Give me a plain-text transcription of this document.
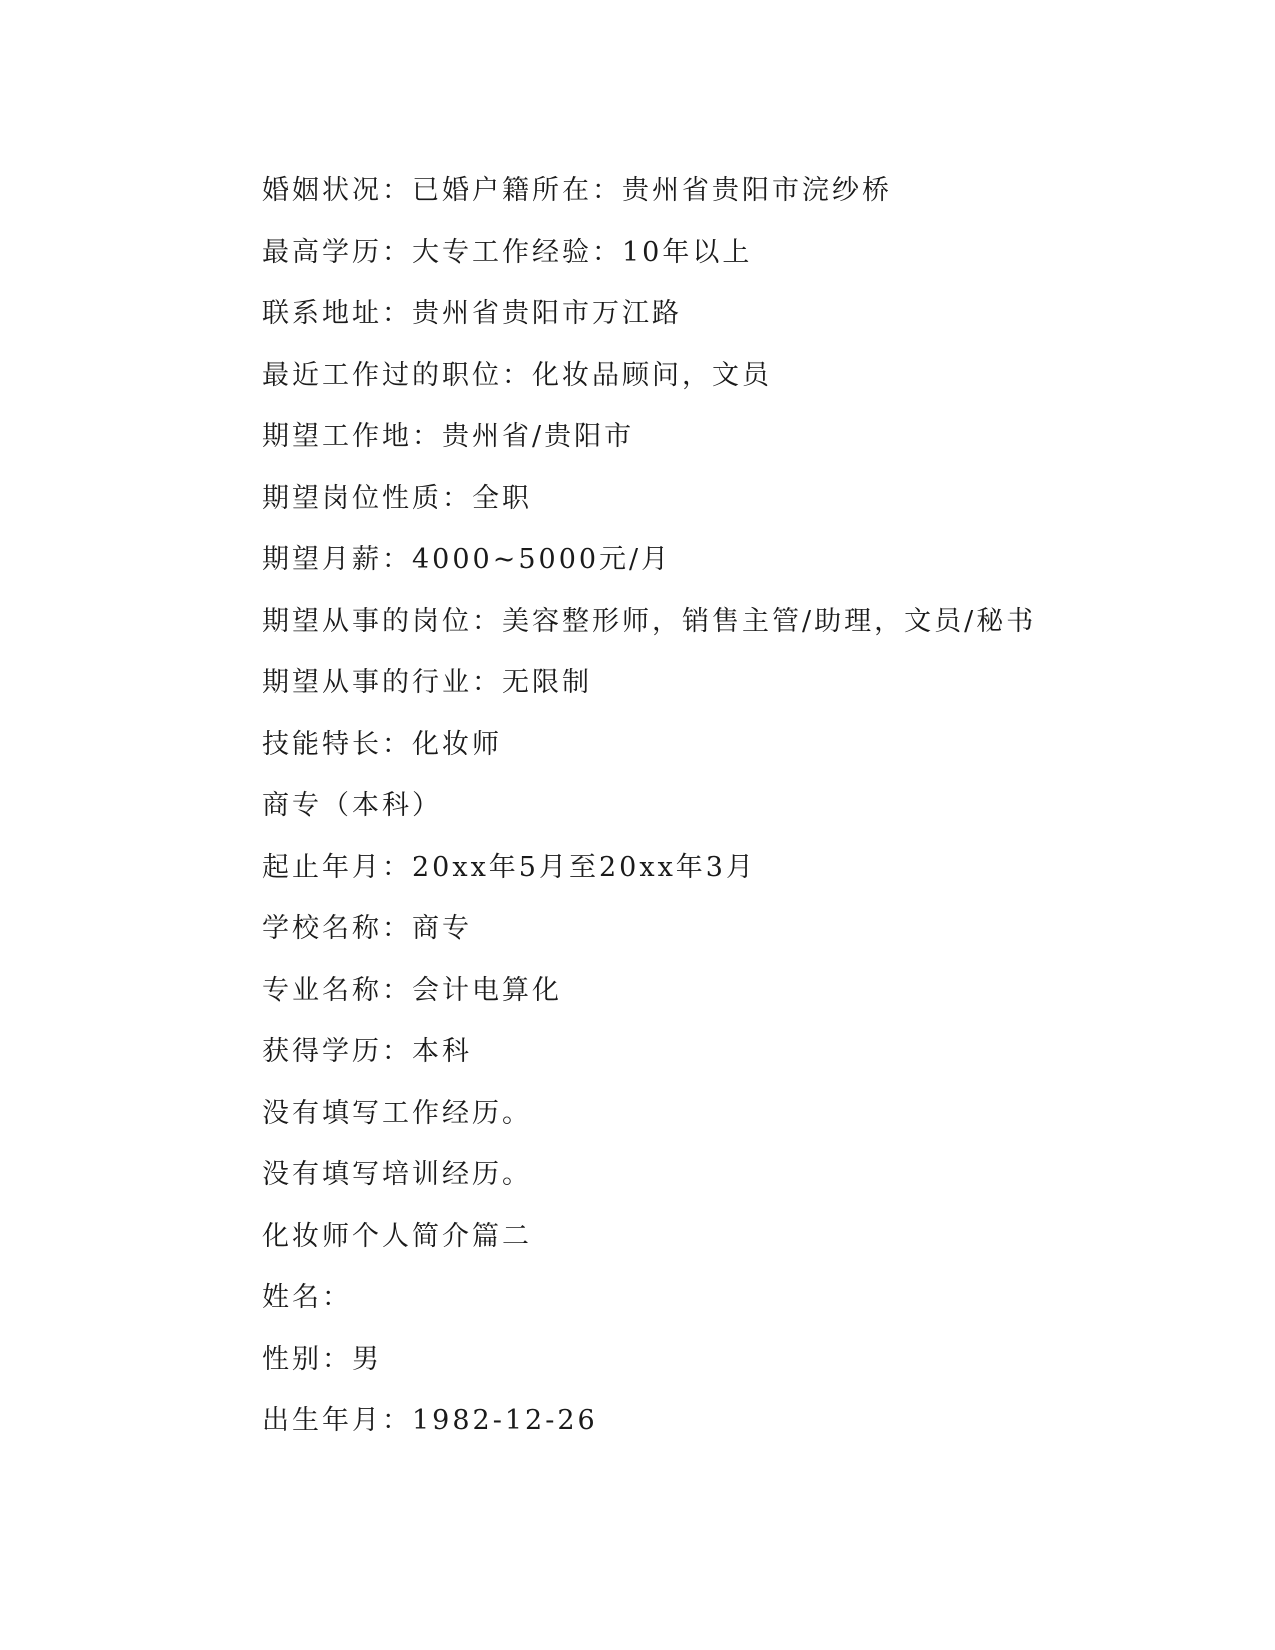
婚姻状况：已婚户籍所在：贵州省贵阳市浣纱桥
最高学历：大专工作经验：10年以上
联系地址：贵州省贵阳市万江路
最近工作过的职位：化妆品顾问，文员
期望工作地：贵州省/贵阳市
期望岗位性质：全职
期望月薪：4000~5000元/月
期望从事的岗位：美容整形师，销售主管/助理，文员/秘书
期望从事的行业：无限制
技能特长：化妆师
商专（本科）
起止年月：20xx年5月至20xx年3月
学校名称：商专
专业名称：会计电算化
获得学历：本科
没有填写工作经历。
没有填写培训经历。
化妆师个人简介篇二
姓名：
性别：男
出生年月：1982-12-26
